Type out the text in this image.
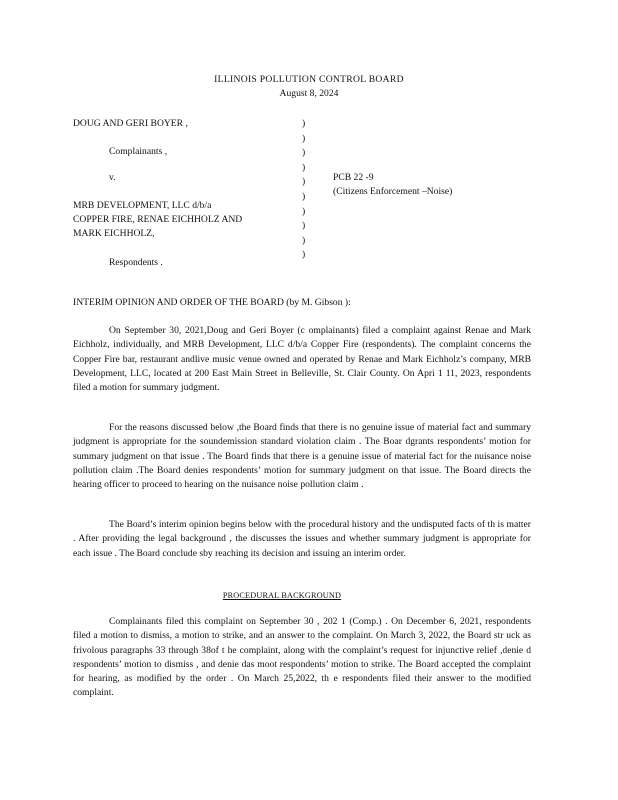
ILLINOIS POLLUTION CONTROL BOARD
August 8, 2024
DOUG AND GERI BOYER ,
Complainants ,
v.
MRB DEVELOPMENT, LLC d/b/a
COPPER FIRE, RENAE EICHHOLZ AND
MARK EICHHOLZ,
Respondents .
)
)
)
)
)
)
)
)
)
)
PCB 22 -9
(Citizens Enforcement –Noise)
INTERIM OPINION AND ORDER OF THE BOARD (by M. Gibson ):
On September 30, 2021,Doug and Geri Boyer (c omplainants) filed a complaint against Renae and Mark Eichholz, individually, and MRB Development, LLC d/b/a Copper Fire (respondents). The complaint concerns the Copper Fire bar, restaurant andlive music venue owned and operated by Renae and Mark Eichholz’s company, MRB Development, LLC, located at 200 East Main Street in Belleville, St. Clair County. On Apri 1 11, 2023, respondents filed a motion for summary judgment.
For the reasons discussed below ,the Board finds that there is no genuine issue of material fact and summary judgment is appropriate for the soundemission standard violation claim . The Boar dgrants respondents’ motion for summary judgment on that issue . The Board finds that there is a genuine issue of material fact for the nuisance noise pollution claim .The Board denies respondents’ motion for summary judgment on that issue. The Board directs the hearing officer to proceed to hearing on the nuisance noise pollution claim .
The Board’s interim opinion begins below with the procedural history and the undisputed facts of th is matter . After providing the legal background , the discusses the issues and whether summary judgment is appropriate for each issue . The Board conclude sby reaching its decision and issuing an interim order.
PROCEDURAL BACKGROUND
Complainants filed this complaint on September 30 , 202 1 (Comp.) . On December 6, 2021, respondents filed a motion to dismiss, a motion to strike, and an answer to the complaint. On March 3, 2022, the Board str uck as frivolous paragraphs 33 through 38of t he complaint, along with the complaint’s request for injunctive relief ,denie d respondents’ motion to dismiss , and denie das moot respondents’ motion to strike. The Board accepted the complaint for hearing, as modified by the order . On March 25,2022, th e respondents filed their answer to the modified complaint.
